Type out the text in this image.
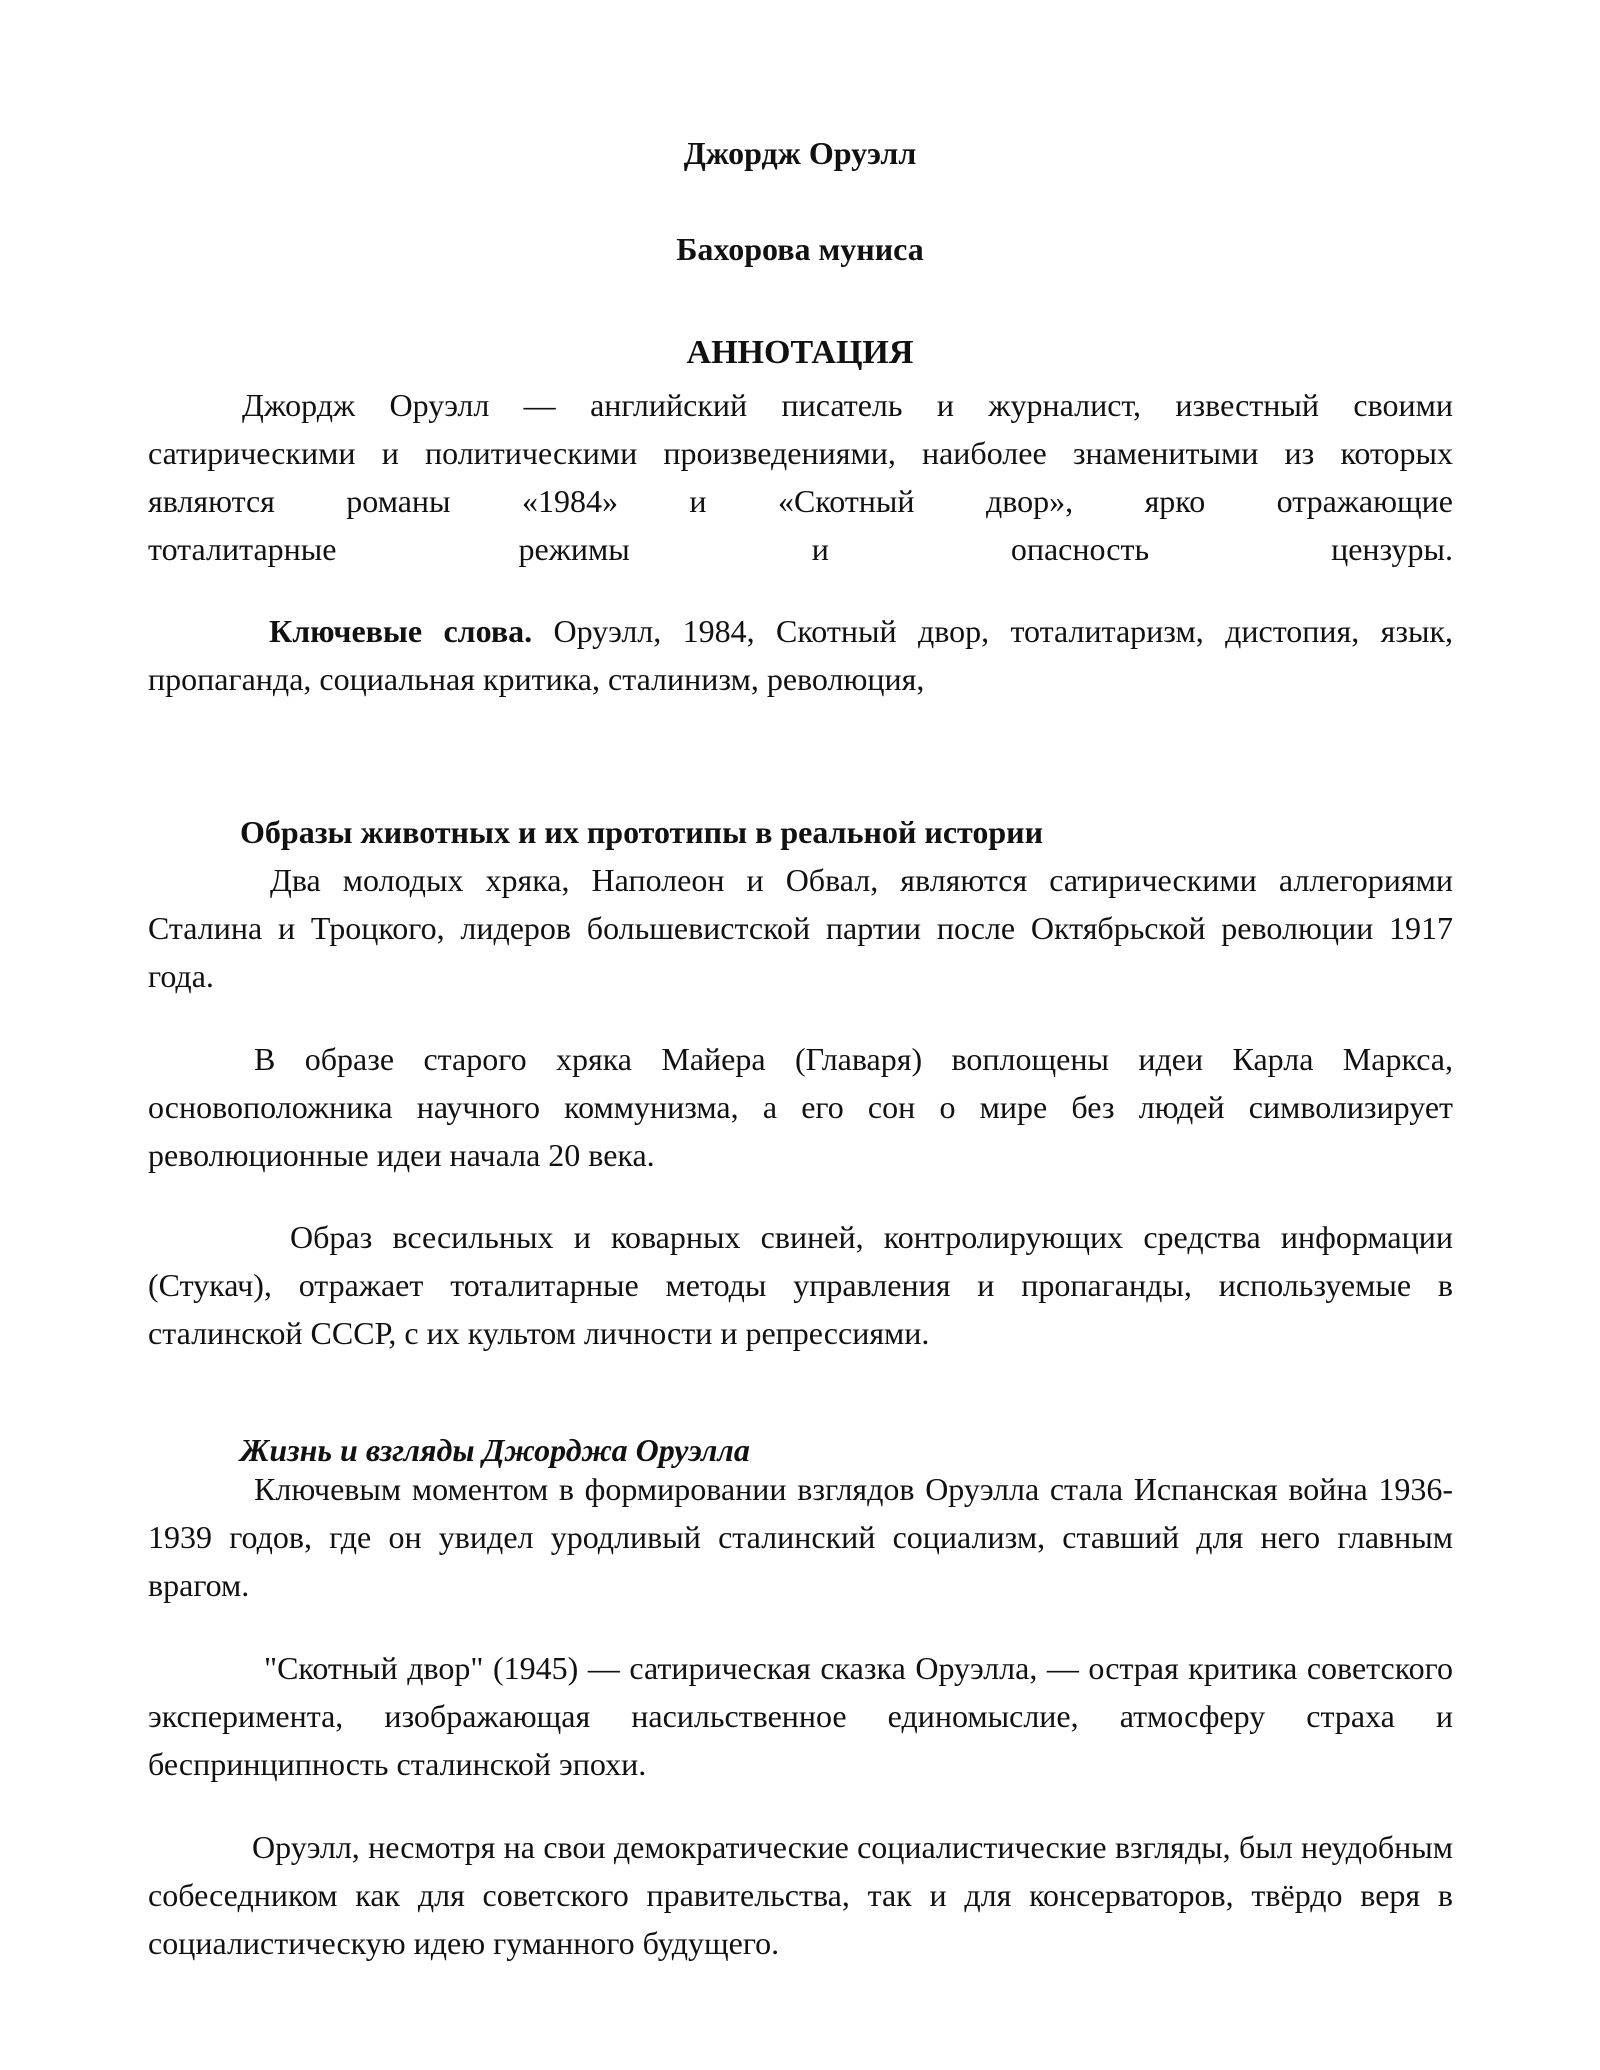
Джордж Оруэлл

Бахорова муниса

АННОТАЦИЯ

Джордж Оруэлл — английский писатель и журналист, известный своими сатирическими и политическими произведениями, наиболее знаменитыми из которых являются романы «1984» и «Скотный двор», ярко отражающие

тоталитарные режимы и опасность цензуры.

Ключевые слова. Оруэлл, 1984, Скотный двор, тоталитаризм, дистопия, язык, пропаганда, социальная критика, сталинизм, революция,

Образы животных и их прототипы в реальной истории

Два молодых хряка, Наполеон и Обвал, являются сатирическими аллегориями Сталина и Троцкого, лидеров большевистской партии после Октябрьской революции 1917 года.

В образе старого хряка Майера (Главаря) воплощены идеи Карла Маркса, основоположника научного коммунизма, а его сон о мире без людей символизирует революционные идеи начала 20 века.

Образ всесильных и коварных свиней, контролирующих средства информации (Стукач), отражает тоталитарные методы управления и пропаганды, используемые в сталинской СССР, с их культом личности и репрессиями.

Жизнь и взгляды Джорджа Оруэлла

Ключевым моментом в формировании взглядов Оруэлла стала Испанская война 1936-1939 годов, где он увидел уродливый сталинский социализм, ставший для него главным врагом.

"Скотный двор" (1945) — сатирическая сказка Оруэлла, — острая критика советского эксперимента, изображающая насильственное единомыслие, атмосферу страха и беспринципность сталинской эпохи.

Оруэлл, несмотря на свои демократические социалистические взгляды, был неудобным собеседником как для советского правительства, так и для консерваторов, твёрдо веря в социалистическую идею гуманного будущего.
